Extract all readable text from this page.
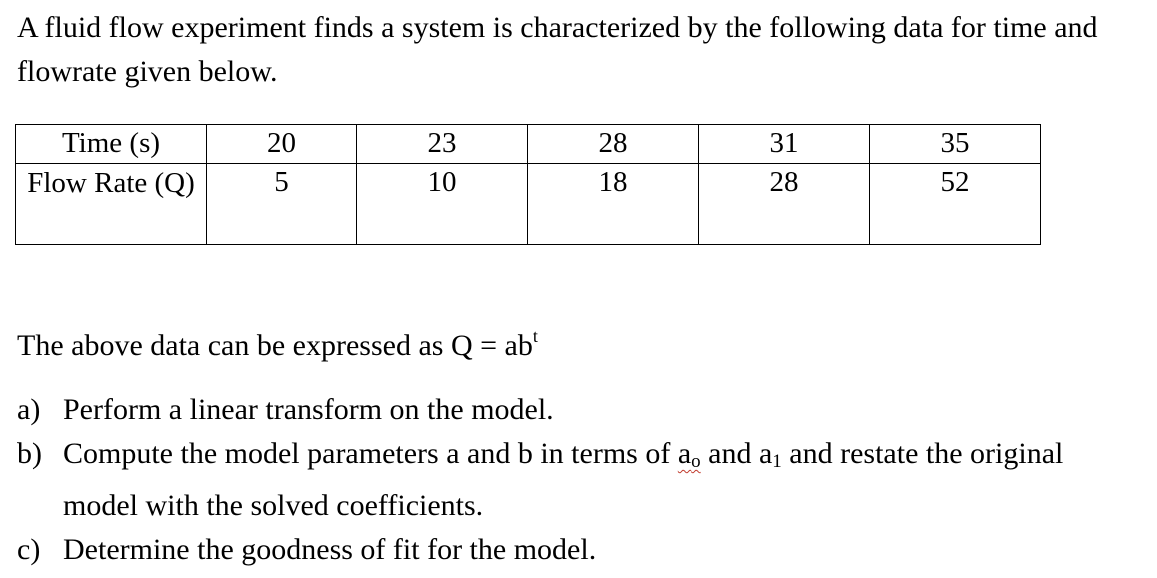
A fluid flow experiment finds a system is characterized by the following data for time and flowrate given below.

Time (s)	20	23	28	31	35

Flow Rate (Q)	5	10	18	28	52

The above data can be expressed as $Q = ab^t$

a) Perform a linear transform on the model.
b) Compute the model parameters a and b in terms of $a_o$ and $a_1$ and restate the original model with the solved coefficients.
c) Determine the goodness of fit for the model.
